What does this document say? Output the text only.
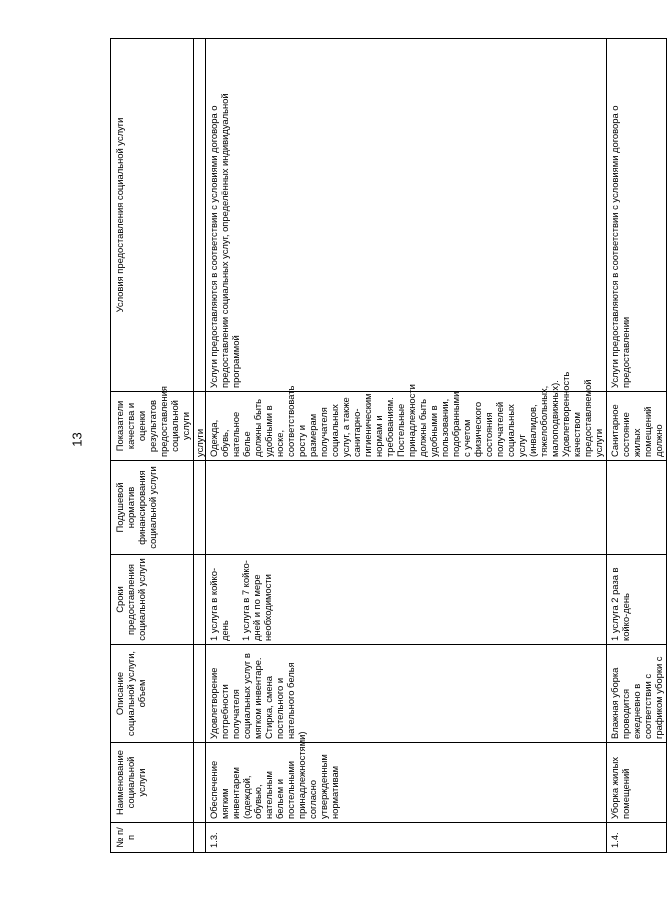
13
№ п/п	Наименование социальной услуги	Описание социальной услуги, объем	Сроки предоставления социальной услуги	Подушевой норматив финансирования социальной услуги	Показатели качества и оценки результатов предоставления социальной услуги	Условия предоставления социальной услуги
					услуги	
1.3.	Обеспечение мягким инвентарем (одеждой, обувью, нательным бельем и постельными принадлежностями) согласно утвержденным нормативам	Удовлетворение потребности получателя социальных услуг в мягком инвентаре.
Стирка, смена постельного и нательного белья	1 услуга в койко-день 1 услуга в 7 койко-дней и по мере необходимости		Одежда, обувь, нательное белье должны быть удобными в носке, соответствовать росту и размерам получателя социальных услуг, а также санитарно-гигиеническим нормам и требованиям. Постельные принадлежности должны быть удобными в пользовании, подобранными с учетом физического состояния получателей социальных услуг (инвалидов, тяжелобольных, малоподвижных). Удовлетворенность качеством предоставляемой услуги	Услуги предоставляются в соответствии с условиями договора о предоставлении социальных услуг, определённых индивидуальной программой
1.4.	Уборка жилых помещений	Влажная уборка проводится ежедневно в соответствии с графиком уборки с	1 услуга 2 раза в койко-день		Санитарное состояние жилых помещений должно	Услуги предоставляются в соответствии с условиями договора о предоставлении
